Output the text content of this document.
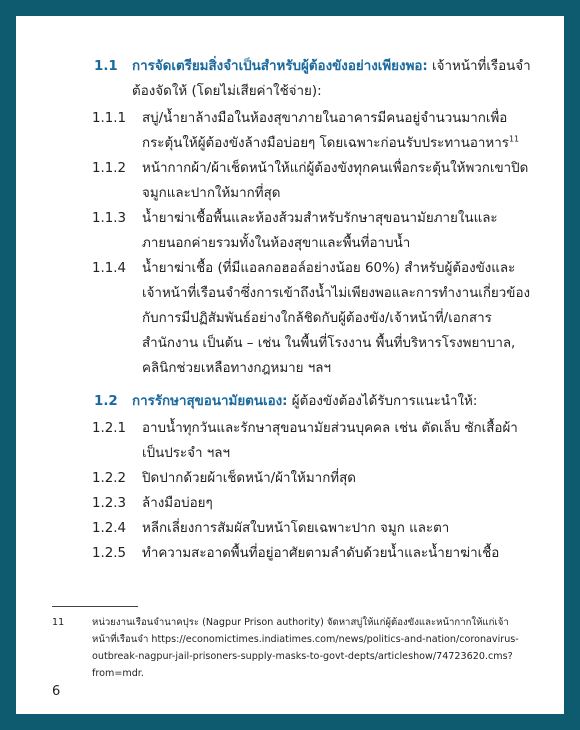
1.1	การจัดเตรียมสิ่งจำเป็นสำหรับผู้ต้องขังอย่างเพียงพอ: เจ้าหน้าที่เรือนจำต้องจัดให้ (โดยไม่เสียค่าใช้จ่าย):
1.1.1	สบู่/น้ำยาล้างมือในห้องสุขาภายในอาคารมีคนอยู่จำนวนมากเพื่อกระตุ้นให้ผู้ต้องขังล้างมือบ่อยๆ โดยเฉพาะก่อนรับประทานอาหาร$^{11}$
1.1.2	หน้ากากผ้า/ผ้าเช็ดหน้าให้แก่ผู้ต้องขังทุกคนเพื่อกระตุ้นให้พวกเขาปิดจมูกและปากให้มากที่สุด
1.1.3	น้ำยาฆ่าเชื้อพื้นและห้องส้วมสำหรับรักษาสุขอนามัยภายในและภายนอกค่ายรวมทั้งในห้องสุขาและพื้นที่อาบน้ำ
1.1.4	น้ำยาฆ่าเชื้อ (ที่มีแอลกอฮอล์อย่างน้อย 60%) สำหรับผู้ต้องขังและเจ้าหน้าที่เรือนจำซึ่งการเข้าถึงน้ำไม่เพียงพอและการทำงานเกี่ยวข้องกับการมีปฏิสัมพันธ์อย่างใกล้ชิดกับผู้ต้องขัง/เจ้าหน้าที่/เอกสารสำนักงาน เป็นต้น – เช่น ในพื้นที่โรงงาน พื้นที่บริหารโรงพยาบาล, คลินิกช่วยเหลือทางกฎหมาย ฯลฯ
1.2	การรักษาสุขอนามัยตนเอง: ผู้ต้องขังต้องได้รับการแนะนำให้:
1.2.1	อาบน้ำทุกวันและรักษาสุขอนามัยส่วนบุคคล เช่น ตัดเล็บ ซักเสื้อผ้าเป็นประจำ ฯลฯ
1.2.2	ปิดปากด้วยผ้าเช็ดหน้า/ผ้าให้มากที่สุด
1.2.3	ล้างมือบ่อยๆ
1.2.4	หลีกเลี่ยงการสัมผัสใบหน้าโดยเฉพาะปาก จมูก และตา
1.2.5	ทำความสะอาดพื้นที่อยู่อาศัยตามลำดับด้วยน้ำและน้ำยาฆ่าเชื้อ
11	หน่วยงานเรือนจำนาคปุระ (Nagpur Prison authority) จัดหาสบู่ให้แก่ผู้ต้องขังและหน้ากากให้แก่เจ้าหน้าที่เรือนจำ https://economictimes.indiatimes.com/news/politics-and-nation/coronavirus-outbreak-nagpur-jail-prisoners-supply-masks-to-govt-depts/articleshow/74723620.cms?from=mdr.
6
